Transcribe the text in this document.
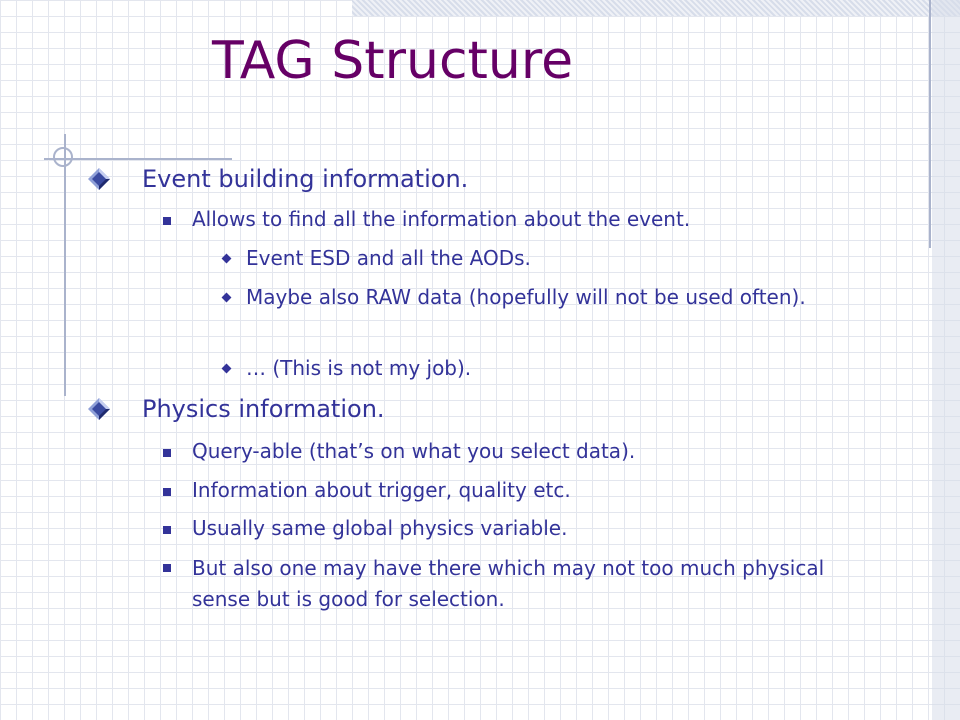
TAG Structure
Event building information.
Allows to find all the information about the event.
Event ESD and all the AODs.
Maybe also RAW data (hopefully will not be used often).
… (This is not my job).
Physics information.
Query-able (that’s on what you select data).
Information about trigger, quality etc.
Usually same global physics variable.
But also one may have there which may not too much physical sense but is good for selection.
